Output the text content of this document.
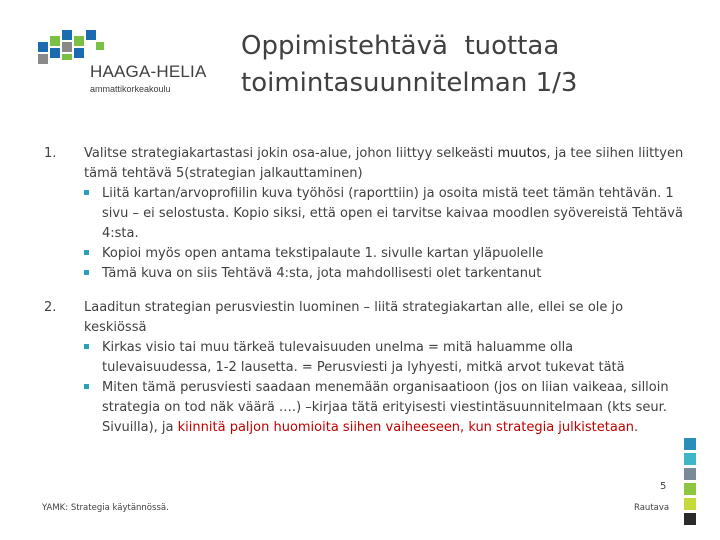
HAAGA-HELIA
ammattikorkeakoulu
Oppimistehtävä  tuottaa
toimintasuunnitelman 1/3
1. Valitse strategiakartastasi jokin osa-alue, johon liittyy selkeästi muutos, ja tee siihen liittyen tämä tehtävä 5(strategian jalkauttaminen)
Liitä kartan/arvoprofiilin kuva työhösi (raporttiin) ja osoita mistä teet tämän tehtävän. 1 sivu – ei selostusta. Kopio siksi, että open ei tarvitse kaivaa moodlen syövereistä Tehtävä 4:sta.
Kopioi myös open antama tekstipalaute 1. sivulle kartan yläpuolelle
Tämä kuva on siis Tehtävä 4:sta, jota mahdollisesti olet tarkentanut
2. Laaditun strategian perusviestin luominen – liitä strategiakartan alle, ellei se ole jo keskiössä
Kirkas visio tai muu tärkeä tulevaisuuden unelma = mitä haluamme olla tulevaisuudessa, 1-2 lausetta. = Perusviesti ja lyhyesti, mitkä arvot tukevat tätä
Miten tämä perusviesti saadaan menemään organisaatioon (jos on liian vaikeaa, silloin strategia on tod näk väärä ….) –kirjaa tätä erityisesti viestintäsuunnitelmaan (kts seur. Sivuilla), ja kiinnitä paljon huomioita siihen vaiheeseen, kun strategia julkistetaan.
5
YAMK: Strategia käytännössä.	Rautava
